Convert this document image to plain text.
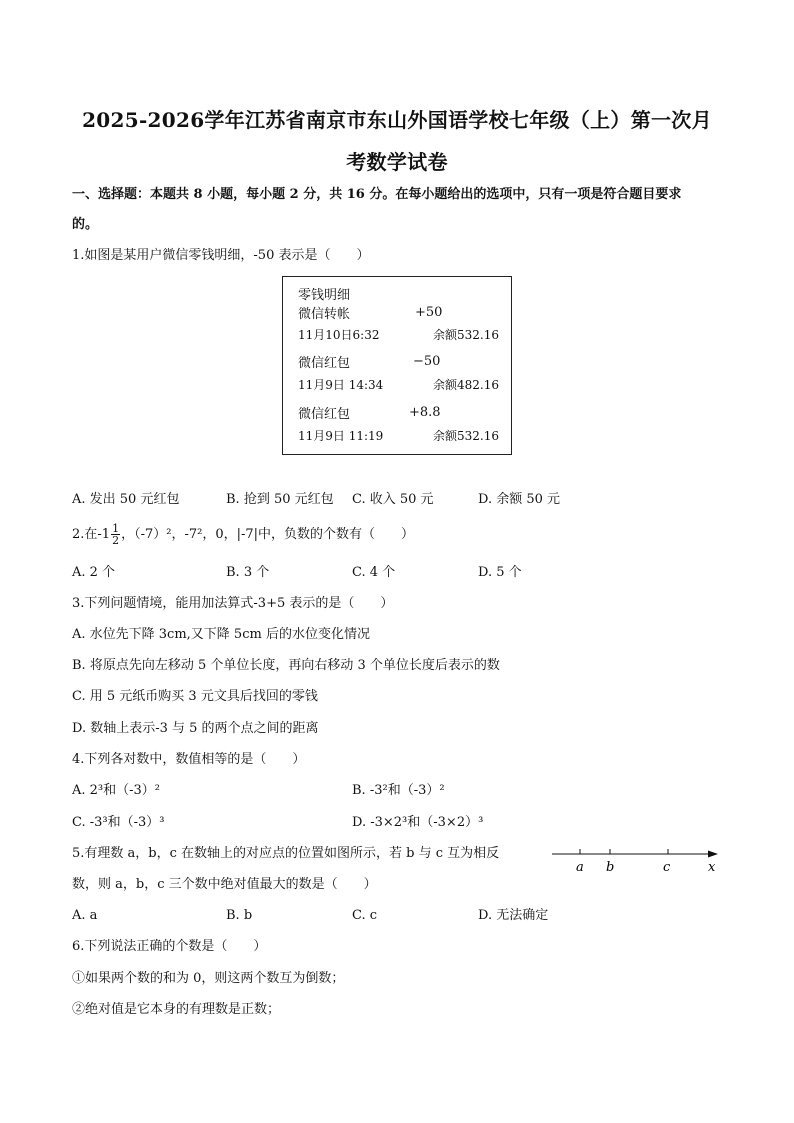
2025-2026学年江苏省南京市东山外国语学校七年级（上）第一次月
考数学试卷
一、选择题：本题共 8 小题，每小题 2 分，共 16 分。在每小题给出的选项中，只有一项是符合题目要求
的。
1.如图是某用户微信零钱明细，-50 表示是（　　）
零钱明细
微信转帐	+50
11月10日6:32	余额532.16
微信红包	−50
11月9日 14:34	余额482.16
微信红包	+8.8
11月9日 11:19	余额532.16
A. 发出 50 元红包	B. 抢到 50 元红包 C. 收入 50 元	D. 余额 50 元
2.在$-1 \frac{1}{2}$ ，（-7）²，-7²，0，|-7|中，负数的个数有（　　）
A. 2 个	B. 3 个	C. 4 个	D. 5 个
3.下列问题情境，能用加法算式-3+5 表示的是（　　）
A. 水位先下降 3cm,又下降 5cm 后的水位变化情况
B. 将原点先向左移动 5 个单位长度，再向右移动 3 个单位长度后表示的数
C. 用 5 元纸币购买 3 元文具后找回的零钱
D. 数轴上表示-3 与 5 的两个点之间的距离
4.下列各对数中，数值相等的是（　　）
A. 2³和（-3）²	B. -3²和（-3）²
C. -3³和（-3）³	D. -3×2³和（-3×2）³
5.有理数 a，b，c 在数轴上的对应点的位置如图所示，若 b 与 c 互为相反
数，则 a，b，c 三个数中绝对值最大的数是（　　）
a b	c	x
A. a	B. b	C. c	D. 无法确定
6.下列说法正确的个数是（　　）
①如果两个数的和为 0，则这两个数互为倒数；
②绝对值是它本身的有理数是正数；
